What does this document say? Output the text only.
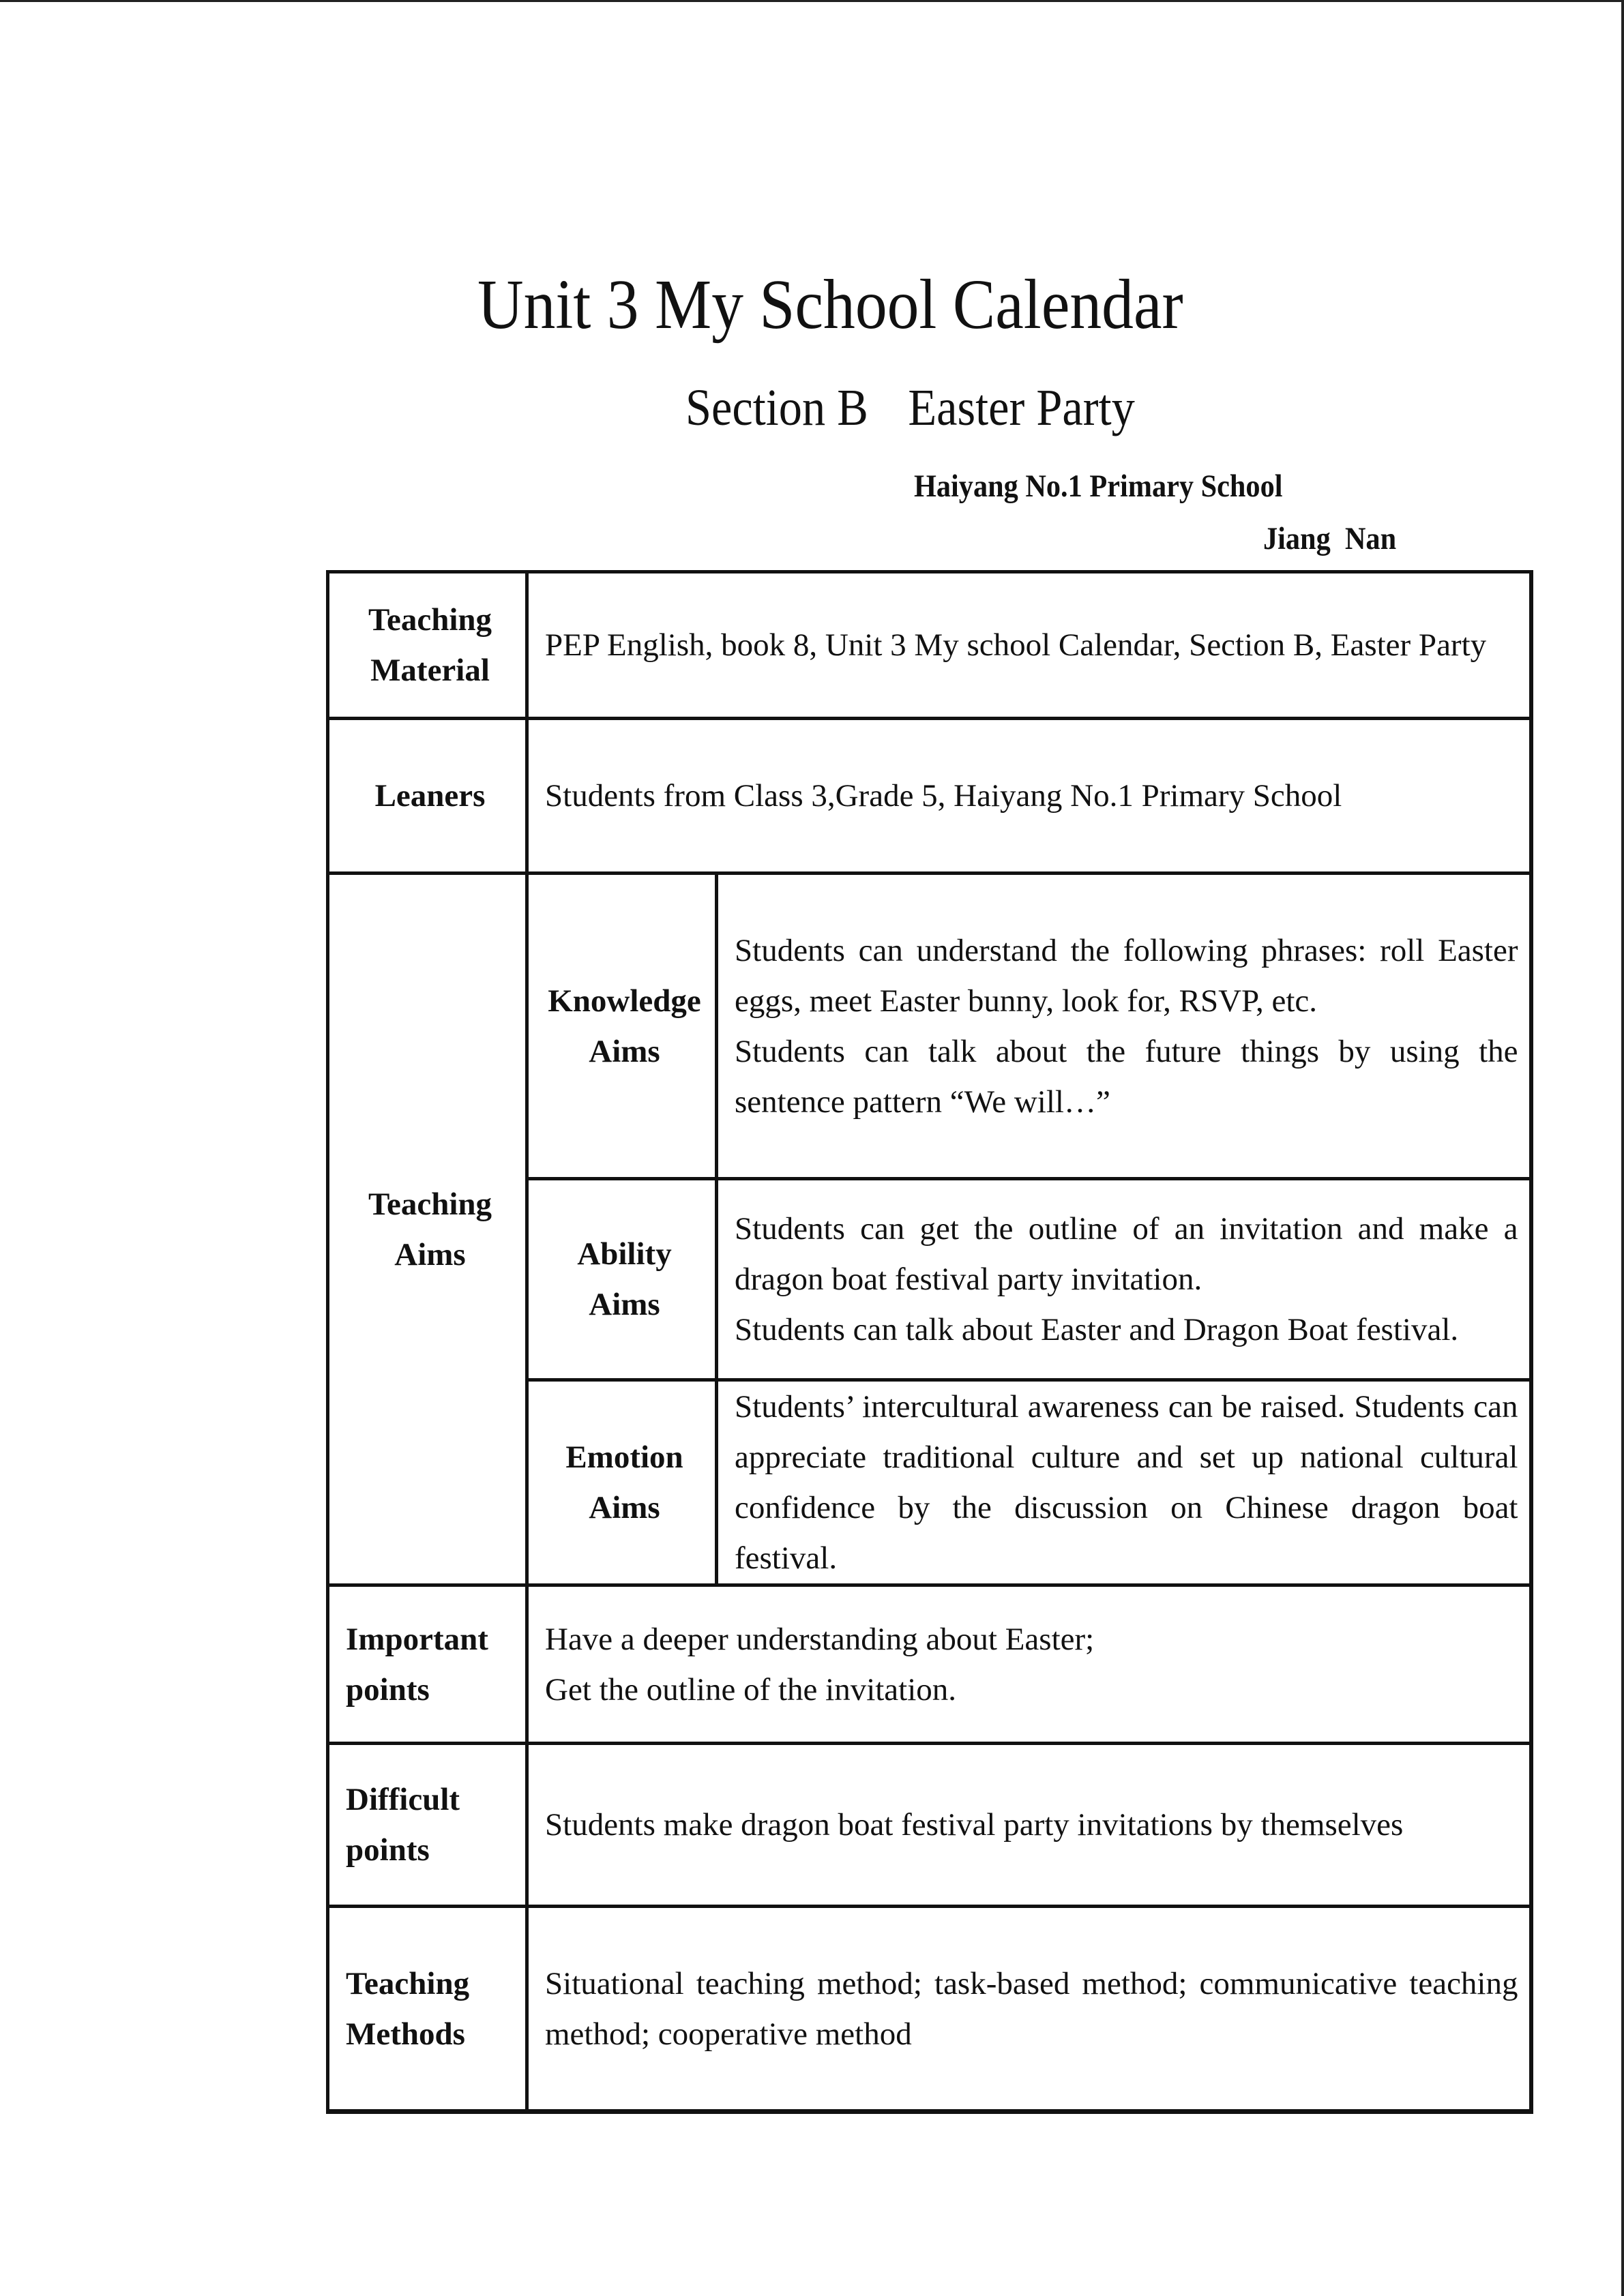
Unit 3 My School Calendar
Section B Easter Party
Haiyang No.1 Primary School
Jiang  Nan
Teaching Material	PEP English, book 8, Unit 3 My school Calendar, Section B, Easter Party	
Leaners	Students from Class 3,Grade 5, Haiyang No.1 Primary School	
Teaching Aims	Knowledge Aims	Students can understand the following phrases: roll Easter eggs, meet Easter bunny, look for, RSVP, etc.
Students can talk about the future things by using the sentence pattern “We will…”

	Ability Aims	Students can get the outline of an invitation and make a dragon boat festival party invitation.
Students can talk about Easter and Dragon Boat festival.

	Emotion Aims	Students’ intercultural awareness can be raised. Students can appreciate traditional culture and set up national cultural confidence by the discussion on Chinese dragon boat festival.

Important points	Have a deeper understanding about Easter;
Get the outline of the invitation.	

Difficult points	Students make dragon boat festival party invitations by themselves	
Teaching Methods	Situational teaching method; task-based method; communicative teaching method; cooperative method	
